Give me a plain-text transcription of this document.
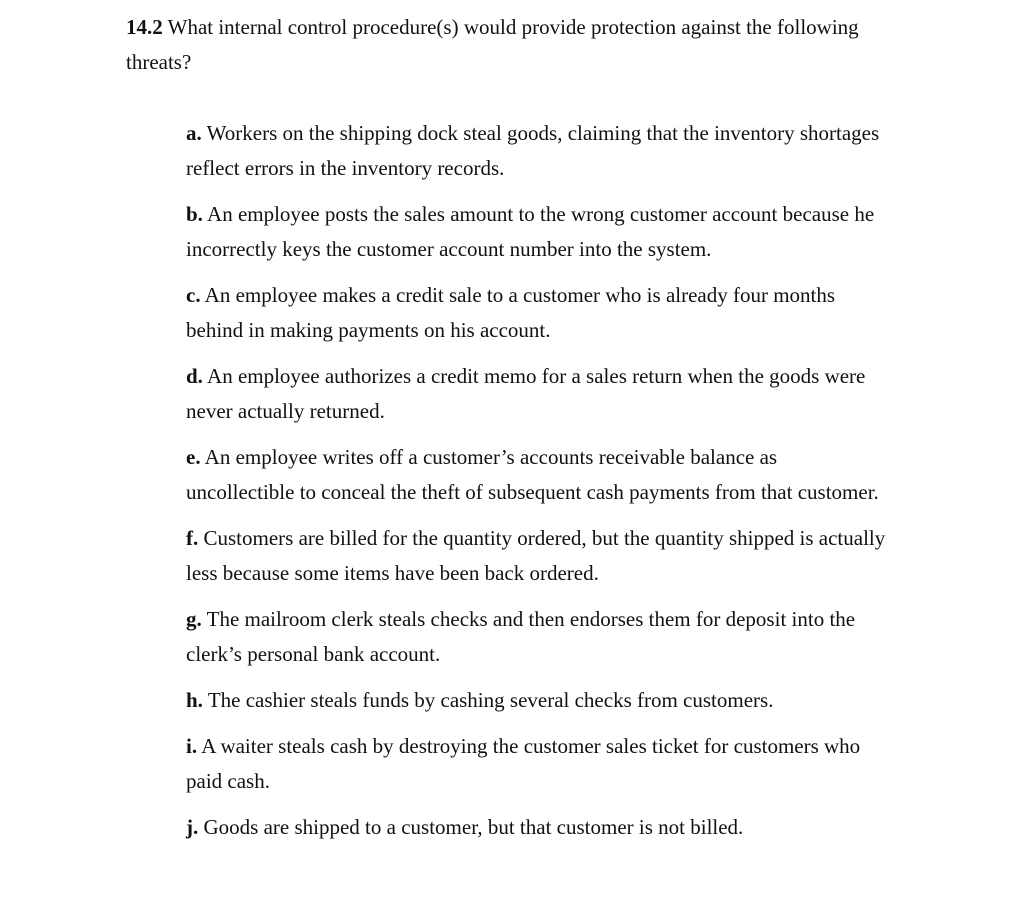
14.2 What internal control procedure(s) would provide protection against the following threats?

a. Workers on the shipping dock steal goods, claiming that the inventory shortages reflect errors in the inventory records.
b. An employee posts the sales amount to the wrong customer account because he incorrectly keys the customer account number into the system.
c. An employee makes a credit sale to a customer who is already four months behind in making payments on his account.
d. An employee authorizes a credit memo for a sales return when the goods were never actually returned.
e. An employee writes off a customer’s accounts receivable balance as uncollectible to conceal the theft of subsequent cash payments from that customer.
f. Customers are billed for the quantity ordered, but the quantity shipped is actually less because some items have been back ordered.
g. The mailroom clerk steals checks and then endorses them for deposit into the clerk’s personal bank account.
h. The cashier steals funds by cashing several checks from customers.
i. A waiter steals cash by destroying the customer sales ticket for customers who paid cash.
j. Goods are shipped to a customer, but that customer is not billed.
